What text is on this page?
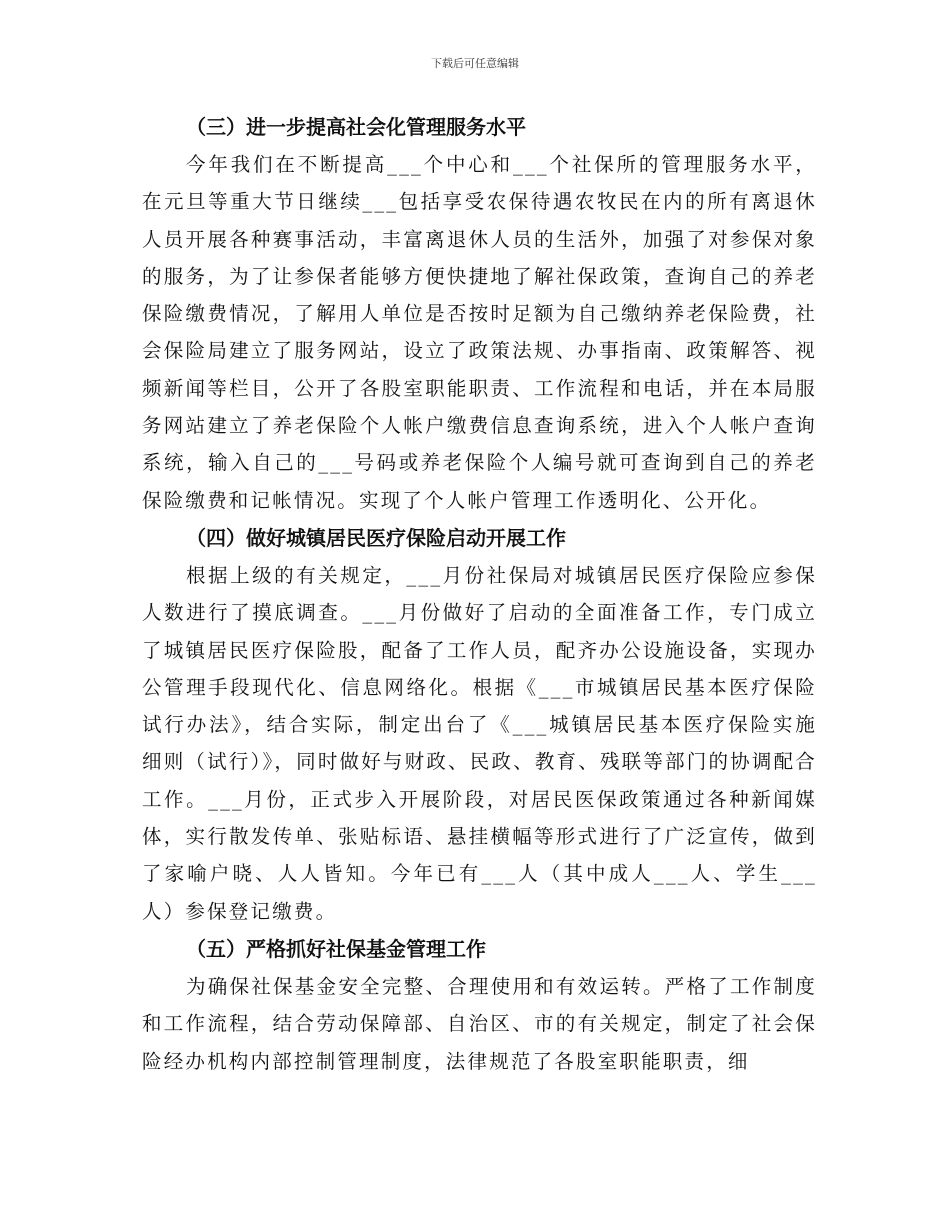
下载后可任意编辑

（三）进一步提高社会化管理服务水平

今年我们在不断提高___个中心和___个社保所的管理服务水平，在元旦等重大节日继续___包括享受农保待遇农牧民在内的所有离退休人员开展各种赛事活动，丰富离退休人员的生活外，加强了对参保对象的服务，为了让参保者能够方便快捷地了解社保政策，查询自己的养老保险缴费情况，了解用人单位是否按时足额为自己缴纳养老保险费，社会保险局建立了服务网站，设立了政策法规、办事指南、政策解答、视频新闻等栏目，公开了各股室职能职责、工作流程和电话，并在本局服务网站建立了养老保险个人帐户缴费信息查询系统，进入个人帐户查询系统，输入自己的___号码或养老保险个人编号就可查询到自己的养老保险缴费和记帐情况。实现了个人帐户管理工作透明化、公开化。

（四）做好城镇居民医疗保险启动开展工作

根据上级的有关规定，___月份社保局对城镇居民医疗保险应参保人数进行了摸底调查。___月份做好了启动的全面准备工作，专门成立了城镇居民医疗保险股，配备了工作人员，配齐办公设施设备，实现办公管理手段现代化、信息网络化。根据《___市城镇居民基本医疗保险试行办法》，结合实际，制定出台了《___城镇居民基本医疗保险实施细则（试行）》，同时做好与财政、民政、教育、残联等部门的协调配合工作。___月份，正式步入开展阶段，对居民医保政策通过各种新闻媒体，实行散发传单、张贴标语、悬挂横幅等形式进行了广泛宣传，做到了家喻户晓、人人皆知。今年已有___人（其中成人___人、学生___人）参保登记缴费。

（五）严格抓好社保基金管理工作

为确保社保基金安全完整、合理使用和有效运转。严格了工作制度和工作流程，结合劳动保障部、自治区、市的有关规定，制定了社会保险经办机构内部控制管理制度，法律规范了各股室职能职责，细
